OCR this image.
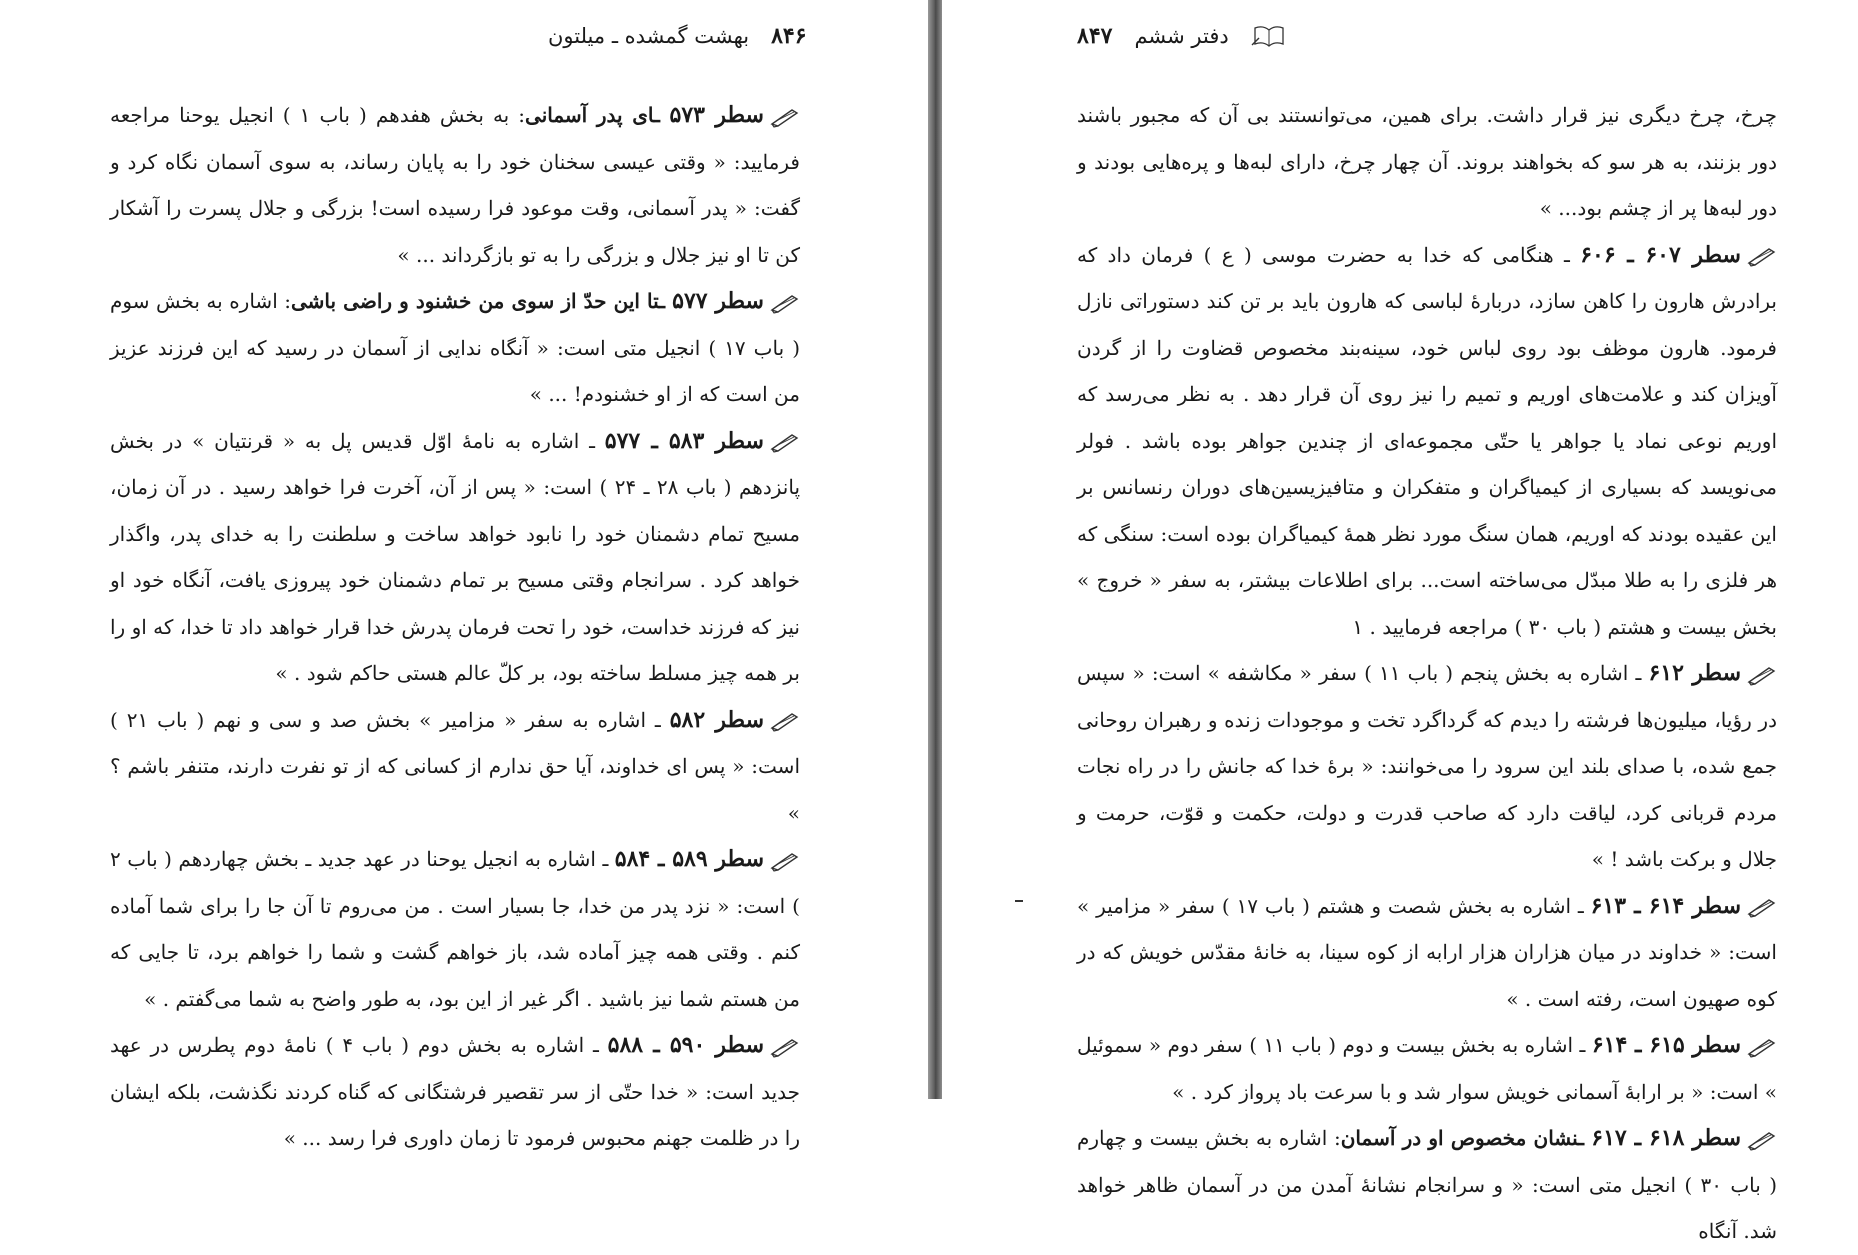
۸۴۶
بهشت گمشده ـ میلتون

سطر ۵۷۳ ـای پدر آسمانی: به بخش هفدهم ( باب ۱ ) انجیل یوحنا مراجعه فرمایید: « وقتی عیسی سخنان خود را به پایان رساند، به سوی آسمان نگاه کرد و گفت: « پدر آسمانی، وقت موعود فرا رسیده است! بزرگی و جلال پسرت را آشکار کن تا او نیز جلال و بزرگی را به تو بازگرداند ... »

سطر ۵۷۷ ـتا این حدّ از سوی من خشنود و راضی باشی: اشاره به بخش سوم ( باب ۱۷ ) انجیل متی است: « آنگاه ندایی از آسمان در رسید که این فرزند عزیز من است که از او خشنودم! ... »

سطر ۵۸۳ ـ ۵۷۷ ـ اشاره به نامهٔ اوّل قدیس پل به « قرنتیان » در بخش پانزدهم ( باب ۲۸ ـ ۲۴ ) است: « پس از آن، آخرت فرا خواهد رسید . در آن زمان، مسیح تمام دشمنان خود را نابود خواهد ساخت و سلطنت را به خدای پدر، واگذار خواهد کرد . سرانجام وقتی مسیح بر تمام دشمنان خود پیروزی یافت، آنگاه خود او نیز که فرزند خداست، خود را تحت فرمان پدرش خدا قرار خواهد داد تا خدا، که او را بر همه چیز مسلط ساخته بود، بر کلّ عالم هستی حاکم شود . »

سطر ۵۸۲ ـ اشاره به سفر « مزامیر » بخش صد و سی و نهم ( باب ۲۱ ) است: « پس ای خداوند، آیا حق ندارم از کسانی که از تو نفرت دارند، متنفر باشم ؟ »

سطر ۵۸۹ ـ ۵۸۴ ـ اشاره به انجیل یوحنا در عهد جدید ـ بخش چهاردهم ( باب ۲ ) است: « نزد پدر من خدا، جا بسیار است . من می‌روم تا آن جا را برای شما آماده کنم . وقتی همه چیز آماده شد، باز خواهم گشت و شما را خواهم برد، تا جایی که من هستم شما نیز باشید . اگر غیر از این بود، به طور واضح به شما می‌گفتم . »

سطر ۵۹۰ ـ ۵۸۸ ـ اشاره به بخش دوم ( باب ۴ ) نامهٔ دوم پطرس در عهد جدید است: « خدا حتّی از سر تقصیر فرشتگانی که گناه کردند نگذشت، بلکه ایشان را در ظلمت جهنم محبوس فرمود تا زمان داوری فرا رسد ... »

دفتر ششم
۸۴۷

چرخ، چرخ دیگری نیز قرار داشت. برای همین، می‌توانستند بی آن که مجبور باشند دور بزنند، به هر سو که بخواهند بروند. آن چهار چرخ، دارای لبه‌ها و پره‌هایی بودند و دور لبه‌ها پر از چشم بود... »

سطر ۶۰۷ ـ ۶۰۶ ـ هنگامی که خدا به حضرت موسی ( ع ) فرمان داد که برادرش هارون را کاهن سازد، دربارهٔ لباسی که هارون باید بر تن کند دستوراتی نازل فرمود. هارون موظف بود روی لباس خود، سینه‌بند مخصوص قضاوت را از گردن آویزان کند و علامت‌های اوریم و تمیم را نیز روی آن قرار دهد . به نظر می‌رسد که اوریم نوعی نماد یا جواهر یا حتّی مجموعه‌ای از چندین جواهر بوده باشد . فولر می‌نویسد که بسیاری از کیمیاگران و متفکران و متافیزیسین‌های دوران رنسانس بر این عقیده بودند که اوریم، همان سنگ مورد نظر همهٔ کیمیاگران بوده است: سنگی که هر فلزی را به طلا مبدّل می‌ساخته است... برای اطلاعات بیشتر، به سفر « خروج » بخش بیست و هشتم ( باب ۳۰ ) مراجعه فرمایید . ۱

سطر ۶۱۲ ـ اشاره به بخش پنجم ( باب ۱۱ ) سفر « مکاشفه » است: « سپس در رؤیا، میلیون‌ها فرشته را دیدم که گرداگرد تخت و موجودات زنده و رهبران روحانی جمع شده، با صدای بلند این سرود را می‌خوانند: « برهٔ خدا که جانش را در راه نجات مردم قربانی کرد، لیاقت دارد که صاحب قدرت و دولت، حکمت و قوّت، حرمت و جلال و برکت باشد ! »

سطر ۶۱۴ ـ ۶۱۳ ـ اشاره به بخش شصت و هشتم ( باب ۱۷ ) سفر « مزامیر » است: « خداوند در میان هزاران هزار ارابه از کوه سینا، به خانهٔ مقدّس خویش که در کوه صهیون است، رفته است . »

سطر ۶۱۵ ـ ۶۱۴ ـ اشاره به بخش بیست و دوم ( باب ۱۱ ) سفر دوم « سموئیل » است: « بر ارابهٔ آسمانی خویش سوار شد و با سرعت باد پرواز کرد . »

سطر ۶۱۸ ـ ۶۱۷ ـنشان مخصوص او در آسمان: اشاره به بخش بیست و چهارم ( باب ۳۰ ) انجیل متی است: « و سرانجام نشانهٔ آمدن من در آسمان ظاهر خواهد شد. آنگاه
